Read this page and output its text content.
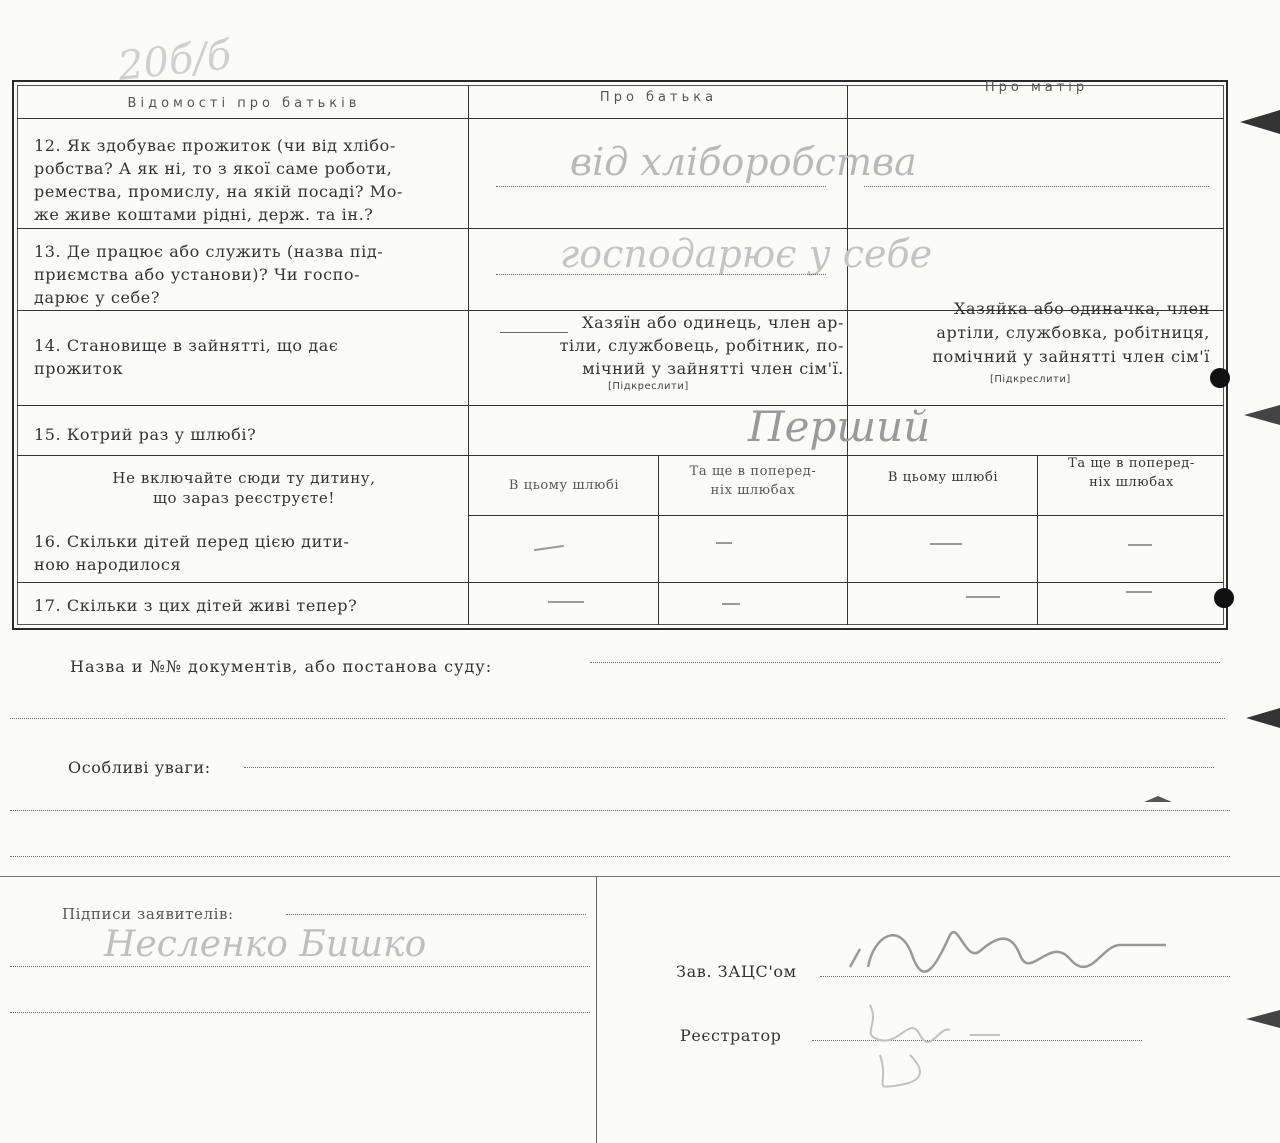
20б/б
Відомості про батьків	Про батька
Про матір
12. Як здобуває прожиток (чи від хлібо-
робства? А як ні, то з якої саме роботи,
ремества, промислу, на якій посаді? Мо-
же живе коштами рідні, держ. та ін.?
від хліборобства
13. Де працює або служить (назва під-
приємства або установи)? Чи госпо-
дарює у себе?
господарює у себе
14. Становище в зайнятті, що дає
прожиток
Хазяїн або одинець, член ар-
тіли, службовець, робітник, по-
мічний у зайнятті член сім'ї.
[Підкреслити]
Хазяйка або одиначка, член
артіли, службовка, робітниця,
помічний у зайнятті член сім'ї
[Підкреслити]
15. Котрий раз у шлюбі?	Перший
Не включайте сюди ту дитину,
що зараз реєструєте!
В цьому шлюбі
Та ще в поперед-
ніх шлюбах
В цьому шлюбі
Та ще в поперед-
ніх шлюбах
16. Скільки дітей перед цією дити-
ною народилося
17. Скільки з цих дітей живі тепер?
Назва и №№ документів, або постанова суду:
Особливі уваги:
Підписи заявителів:
Несленко Бишко
Зав. ЗАЦС'ом
Реєстратор
